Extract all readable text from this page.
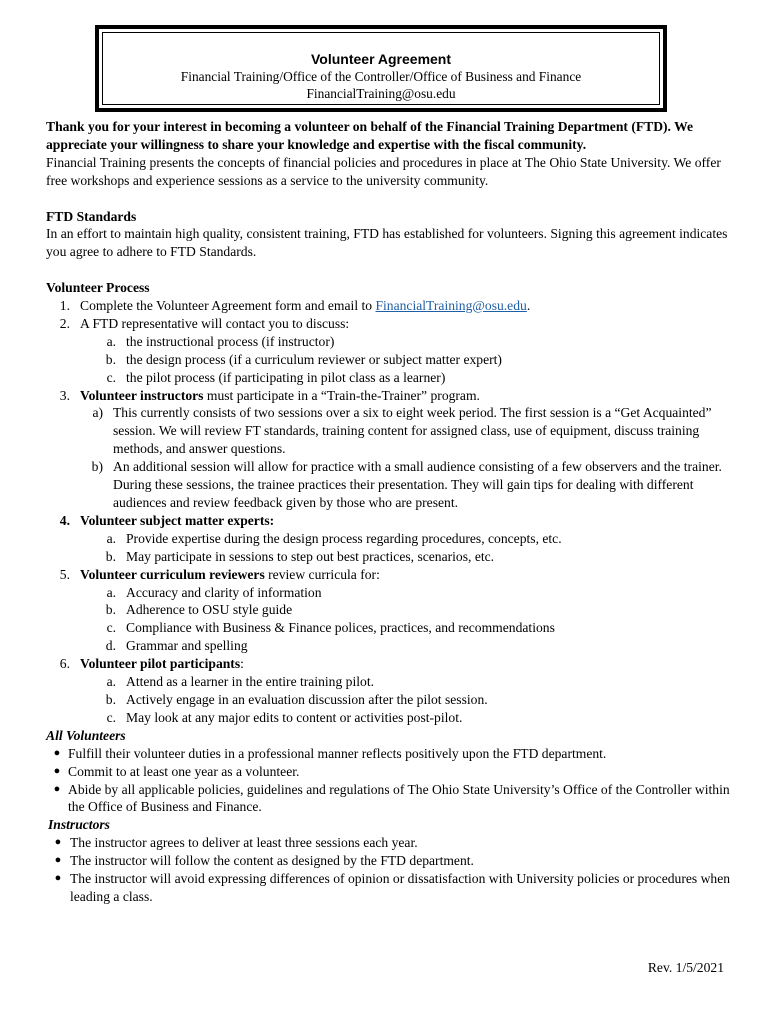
Volunteer Agreement
Financial Training/Office of the Controller/Office of Business and Finance
FinancialTraining@osu.edu

Thank you for your interest in becoming a volunteer on behalf of the Financial Training Department (FTD). We appreciate your willingness to share your knowledge and expertise with the fiscal community.

Financial Training presents the concepts of financial policies and procedures in place at The Ohio State University. We offer free workshops and experience sessions as a service to the university community.

FTD Standards

In an effort to maintain high quality, consistent training, FTD has established for volunteers. Signing this agreement indicates you agree to adhere to FTD Standards.

Volunteer Process

1. Complete the Volunteer Agreement form and email to FinancialTraining@osu.edu.
2. A FTD representative will contact you to discuss:
a. the instructional process (if instructor)
b. the design process (if a curriculum reviewer or subject matter expert)
c. the pilot process (if participating in pilot class as a learner)
3. Volunteer instructors must participate in a “Train-the-Trainer” program.
a) This currently consists of two sessions over a six to eight week period. The first session is a “Get Acquainted” session. We will review FT standards, training content for assigned class, use of equipment, discuss training methods, and answer questions.
b) An additional session will allow for practice with a small audience consisting of a few observers and the trainer. During these sessions, the trainee practices their presentation. They will gain tips for dealing with different audiences and review feedback given by those who are present.
4. Volunteer subject matter experts:
a. Provide expertise during the design process regarding procedures, concepts, etc.
b. May participate in sessions to step out best practices, scenarios, etc.
5. Volunteer curriculum reviewers review curricula for:
a. Accuracy and clarity of information
b. Adherence to OSU style guide
c. Compliance with Business & Finance polices, practices, and recommendations
d. Grammar and spelling
6. Volunteer pilot participants:
a. Attend as a learner in the entire training pilot.
b. Actively engage in an evaluation discussion after the pilot session.
c. May look at any major edits to content or activities post-pilot.

All Volunteers

● Fulfill their volunteer duties in a professional manner reflects positively upon the FTD department.
● Commit to at least one year as a volunteer.
● Abide by all applicable policies, guidelines and regulations of The Ohio State University’s Office of the Controller within the Office of Business and Finance.

Instructors

● The instructor agrees to deliver at least three sessions each year.
● The instructor will follow the content as designed by the FTD department.
● The instructor will avoid expressing differences of opinion or dissatisfaction with University policies or procedures when leading a class.
Rev. 1/5/2021
